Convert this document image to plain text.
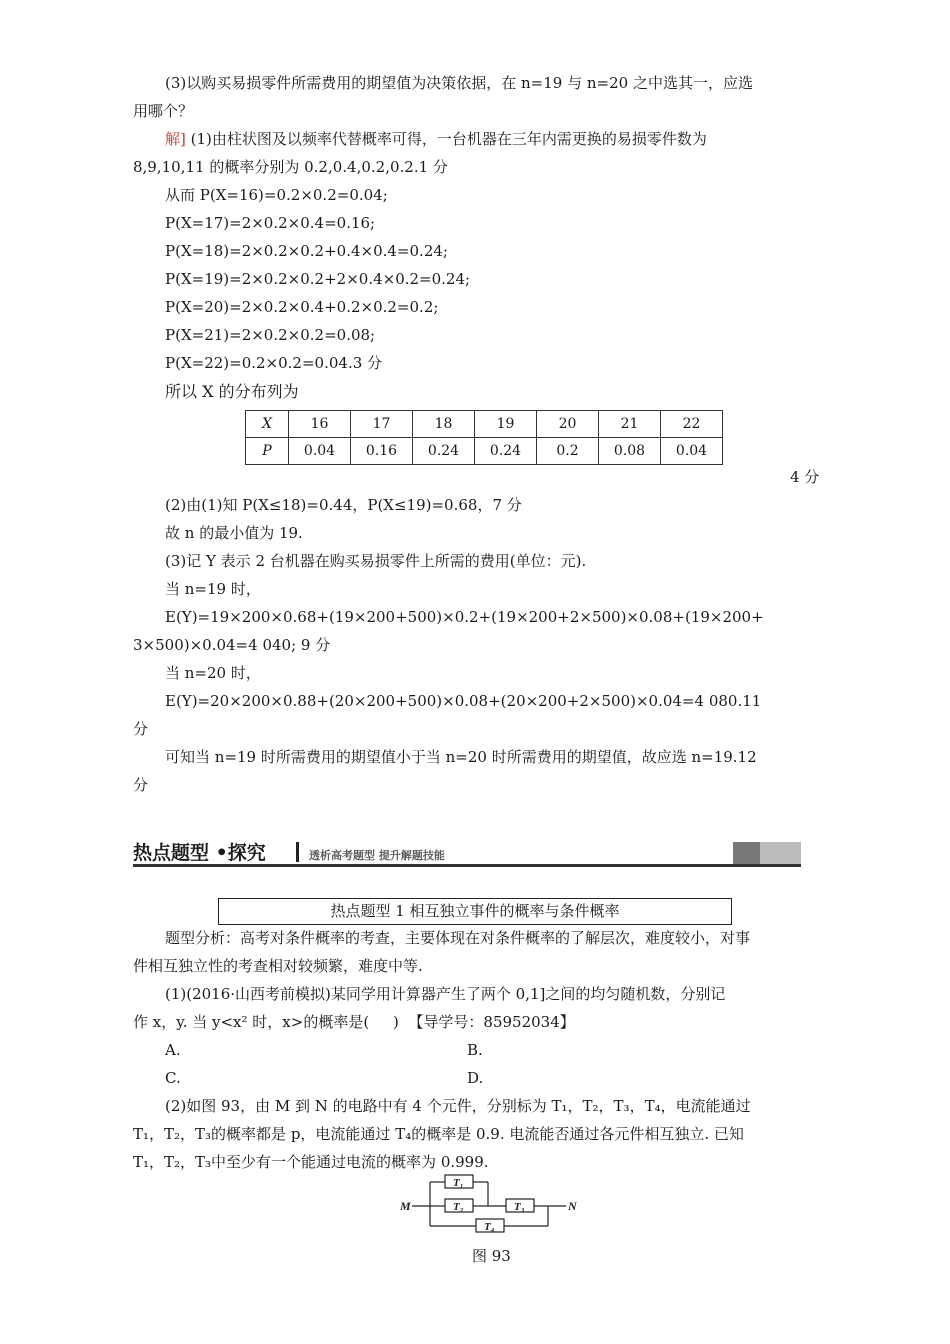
(3)以购买易损零件所需费用的期望值为决策依据，在 n=19 与 n=20 之中选其一，应选
用哪个？
解] (1)由柱状图及以频率代替概率可得，一台机器在三年内需更换的易损零件数为
8,9,10,11 的概率分别为 0.2,0.4,0.2,0.2.1 分
从而 P(X=16)=0.2×0.2=0.04;
P(X=17)=2×0.2×0.4=0.16;
P(X=18)=2×0.2×0.2+0.4×0.4=0.24;
P(X=19)=2×0.2×0.2+2×0.4×0.2=0.24;
P(X=20)=2×0.2×0.4+0.2×0.2=0.2;
P(X=21)=2×0.2×0.2=0.08;
P(X=22)=0.2×0.2=0.04.3 分
所以 X 的分布列为
X	16	17	18	19	20	21	22
P	0.04	0.16	0.24	0.24	0.2	0.08	0.04
4 分
(2)由(1)知 P(X≤18)=0.44，P(X≤19)=0.68，7 分
故 n 的最小值为 19.
(3)记 Y 表示 2 台机器在购买易损零件上所需的费用(单位：元).
当 n=19 时，
E(Y)=19×200×0.68+(19×200+500)×0.2+(19×200+2×500)×0.08+(19×200+
3×500)×0.04=4 040; 9 分
当 n=20 时，
E(Y)=20×200×0.88+(20×200+500)×0.08+(20×200+2×500)×0.04=4 080.11
分
可知当 n=19 时所需费用的期望值小于当 n=20 时所需费用的期望值，故应选 n=19.12
分
热点题型 •探究	透析高考题型 提升解题技能
热点题型 1 相互独立事件的概率与条件概率
题型分析：高考对条件概率的考查，主要体现在对条件概率的了解层次，难度较小，对事
件相互独立性的考查相对较频繁，难度中等.
(1)(2016·山西考前模拟)某同学用计算器产生了两个 0,1]之间的均匀随机数，分别记
作 x，y. 当 y<x² 时，x>的概率是(     )  【导学号：85952034】
A.	B.
C.	D.
(2)如图 93，由 M 到 N 的电路中有 4 个元件，分别标为 T₁，T₂，T₃，T₄，电流能通过
T₁，T₂，T₃的概率都是 p，电流能通过 T₄的概率是 0.9. 电流能否通过各元件相互独立. 已知
T₁，T₂，T₃中至少有一个能通过电流的概率为 0.999.
M	N
T₁
T₂	T₃
T₄
图 93
